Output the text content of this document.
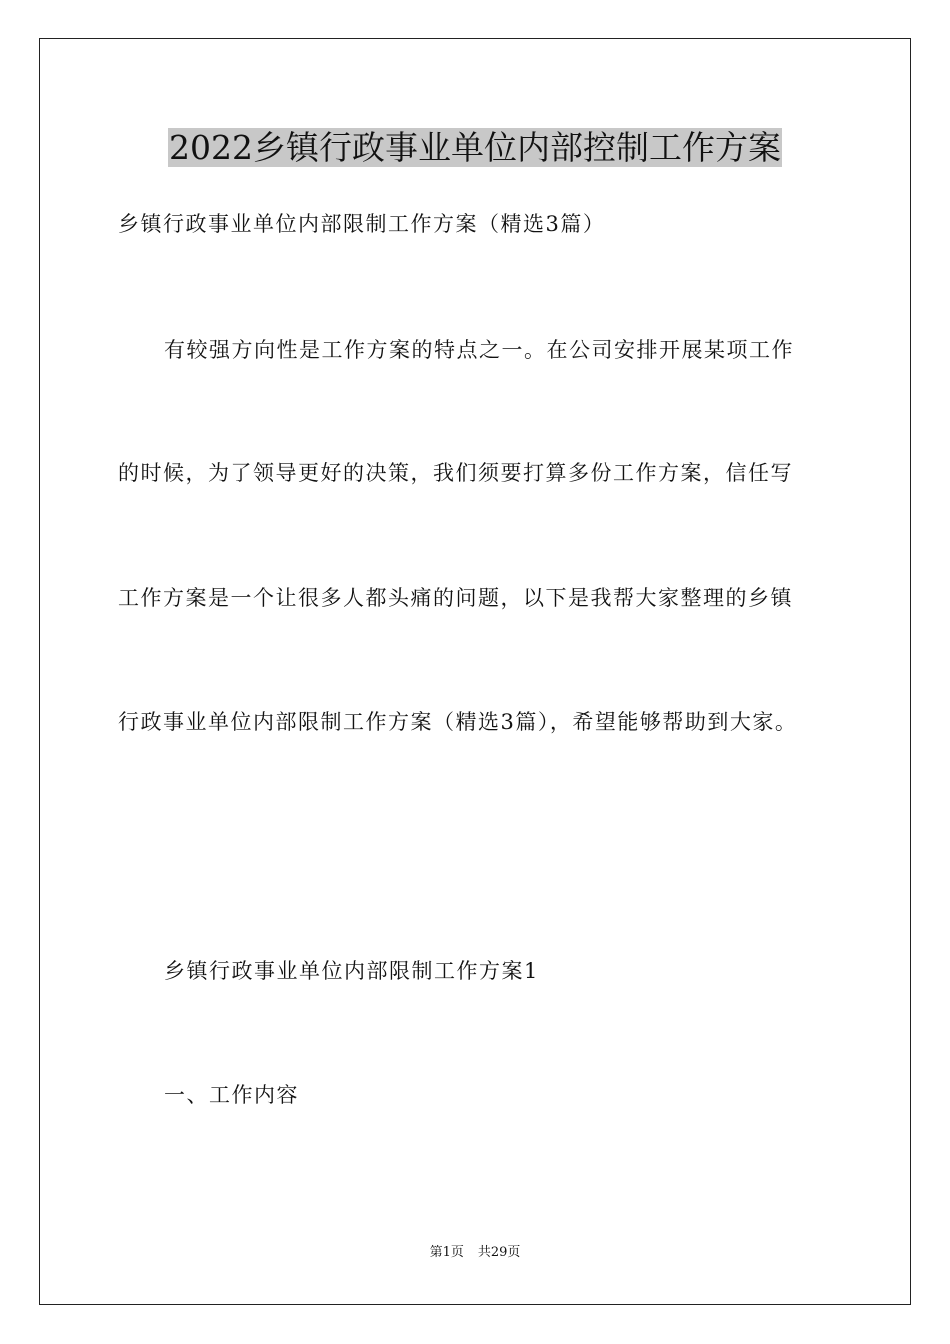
2022乡镇行政事业单位内部控制工作方案
乡镇行政事业单位内部限制工作方案（精选3篇）
有较强方向性是工作方案的特点之一。在公司安排开展某项工作
的时候，为了领导更好的决策，我们须要打算多份工作方案，信任写
工作方案是一个让很多人都头痛的问题，以下是我帮大家整理的乡镇
行政事业单位内部限制工作方案（精选3篇），希望能够帮助到大家。
乡镇行政事业单位内部限制工作方案1
一、工作内容
第1页 共29页
